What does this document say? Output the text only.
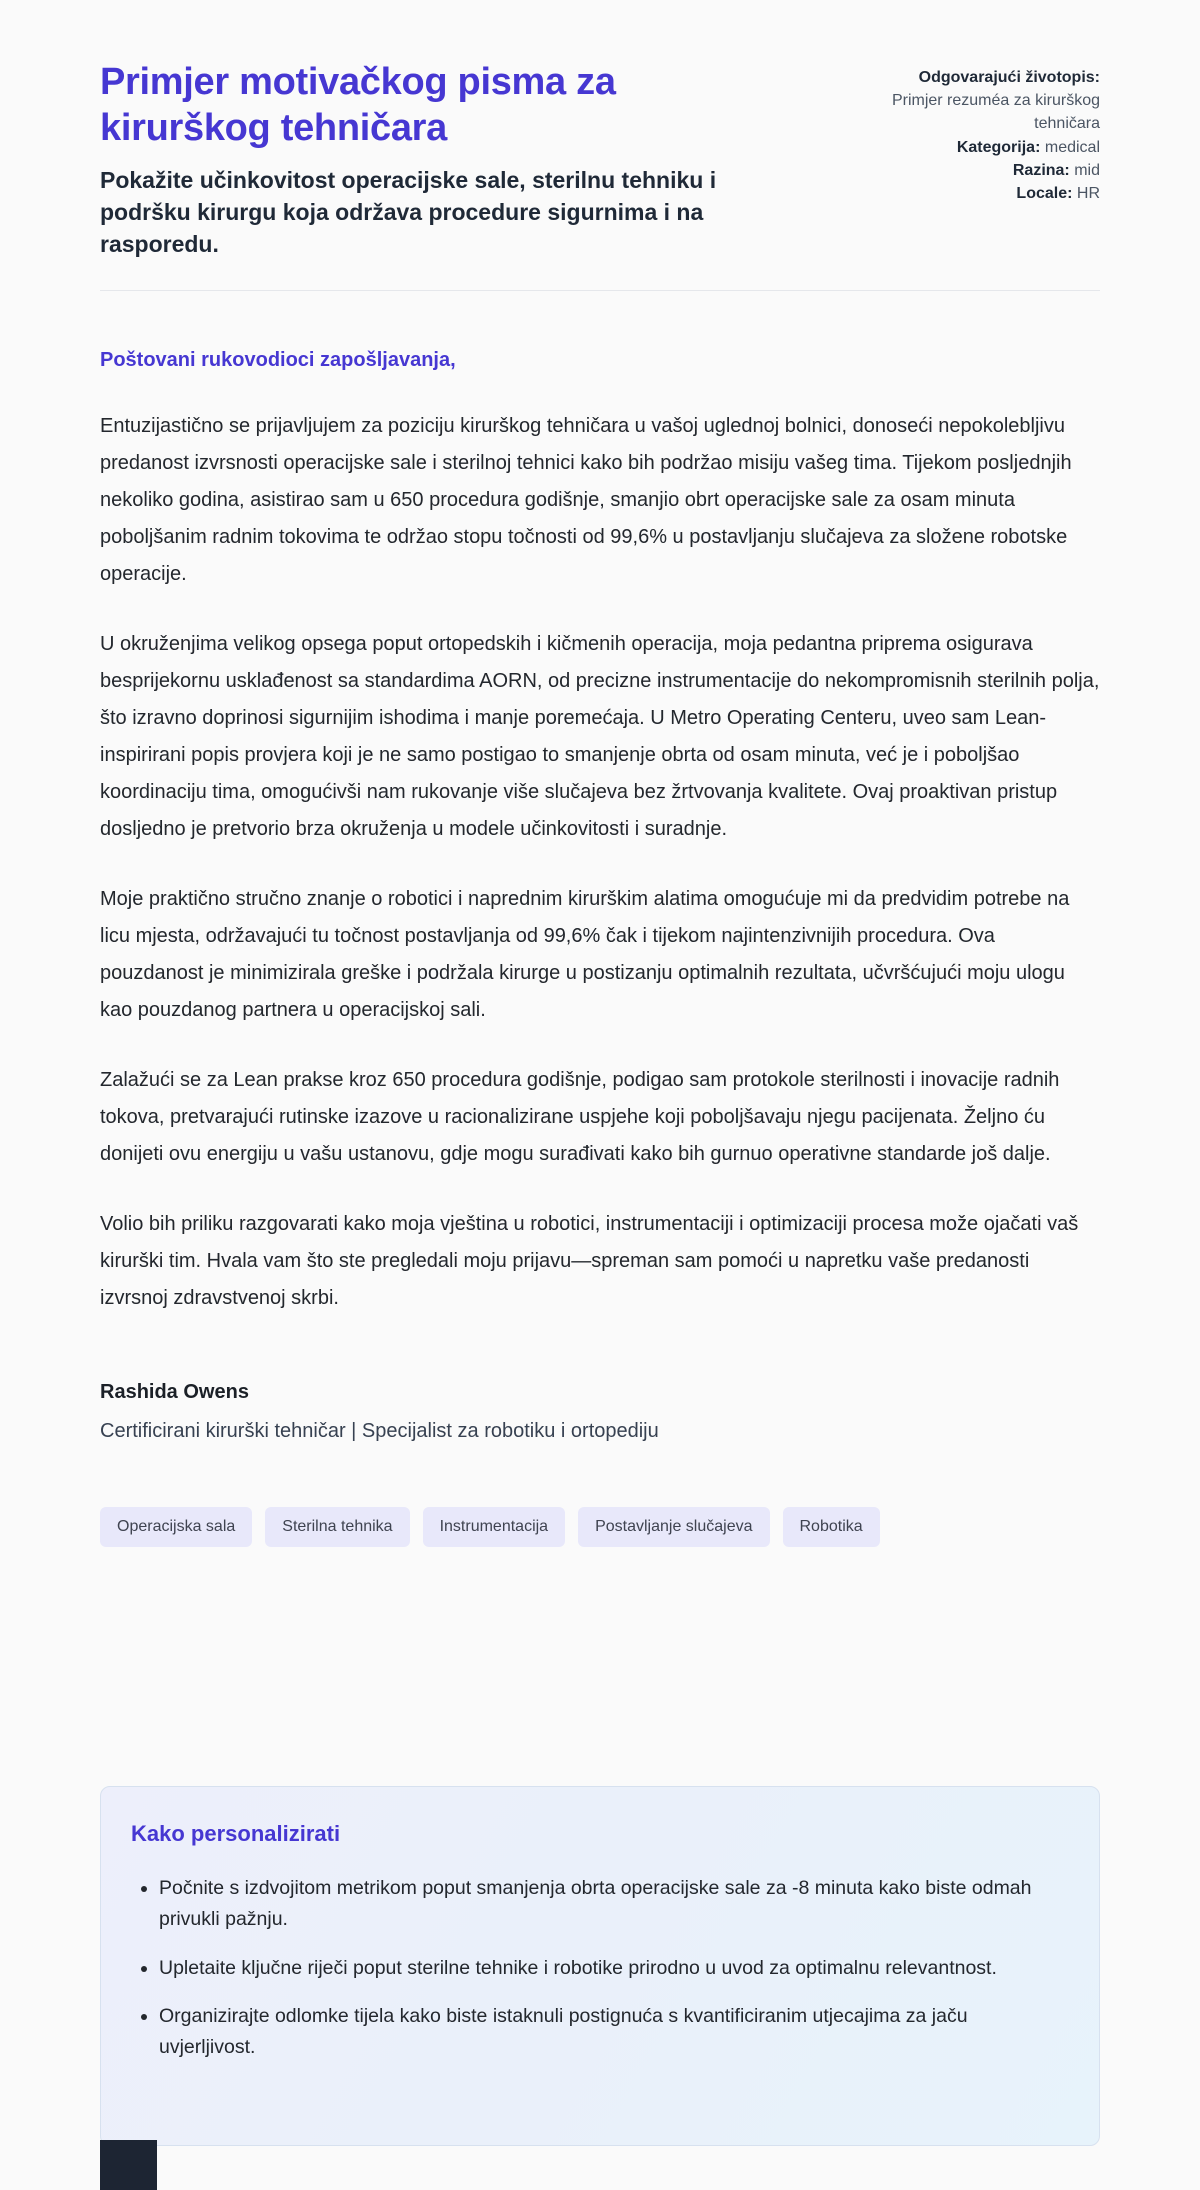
Primjer motivačkog pisma za kirurškog tehničara

Pokažite učinkovitost operacijske sale, sterilnu tehniku i podršku kirurgu koja održava procedure sigurnima i na rasporedu.

Odgovarajući životopis:
Primjer rezuméa za kirurškog tehničara
Kategorija: medical
Razina: mid
Locale: HR

Poštovani rukovodioci zapošljavanja,

Entuzijastično se prijavljujem za poziciju kirurškog tehničara u vašoj uglednoj bolnici, donoseći nepokolebljivu predanost izvrsnosti operacijske sale i sterilnoj tehnici kako bih podržao misiju vašeg tima. Tijekom posljednjih nekoliko godina, asistirao sam u 650 procedura godišnje, smanjio obrt operacijske sale za osam minuta poboljšanim radnim tokovima te održao stopu točnosti od 99,6% u postavljanju slučajeva za složene robotske operacije.

U okruženjima velikog opsega poput ortopedskih i kičmenih operacija, moja pedantna priprema osigurava besprijekornu usklađenost sa standardima AORN, od precizne instrumentacije do nekompromisnih sterilnih polja, što izravno doprinosi sigurnijim ishodima i manje poremećaja. U Metro Operating Centeru, uveo sam Lean-inspirirani popis provjera koji je ne samo postigao to smanjenje obrta od osam minuta, već je i poboljšao koordinaciju tima, omogućivši nam rukovanje više slučajeva bez žrtvovanja kvalitete. Ovaj proaktivan pristup dosljedno je pretvorio brza okruženja u modele učinkovitosti i suradnje.

Moje praktično stručno znanje o robotici i naprednim kirurškim alatima omogućuje mi da predvidim potrebe na licu mjesta, održavajući tu točnost postavljanja od 99,6% čak i tijekom najintenzivnijih procedura. Ova pouzdanost je minimizirala greške i podržala kirurge u postizanju optimalnih rezultata, učvršćujući moju ulogu kao pouzdanog partnera u operacijskoj sali.

Zalažući se za Lean prakse kroz 650 procedura godišnje, podigao sam protokole sterilnosti i inovacije radnih tokova, pretvarajući rutinske izazove u racionalizirane uspjehe koji poboljšavaju njegu pacijenata. Željno ću donijeti ovu energiju u vašu ustanovu, gdje mogu surađivati kako bih gurnuo operativne standarde još dalje.

Volio bih priliku razgovarati kako moja vještina u robotici, instrumentaciji i optimizaciji procesa može ojačati vaš kirurški tim. Hvala vam što ste pregledali moju prijavu—spreman sam pomoći u napretku vaše predanosti izvrsnoj zdravstvenoj skrbi.

Rashida Owens

Certificirani kirurški tehničar | Specijalist za robotiku i ortopediju

Operacijska sala	Sterilna tehnika	Instrumentacija	Postavljanje slučajeva	Robotika
Kako personalizirati
• Počnite s izdvojitom metrikom poput smanjenja obrta operacijske sale za -8 minuta kako biste odmah privukli pažnju.
• Upletaite ključne riječi poput sterilne tehnike i robotike prirodno u uvod za optimalnu relevantnost.
• Organizirajte odlomke tijela kako biste istaknuli postignuća s kvantificiranim utjecajima za jaču uvjerljivost.
